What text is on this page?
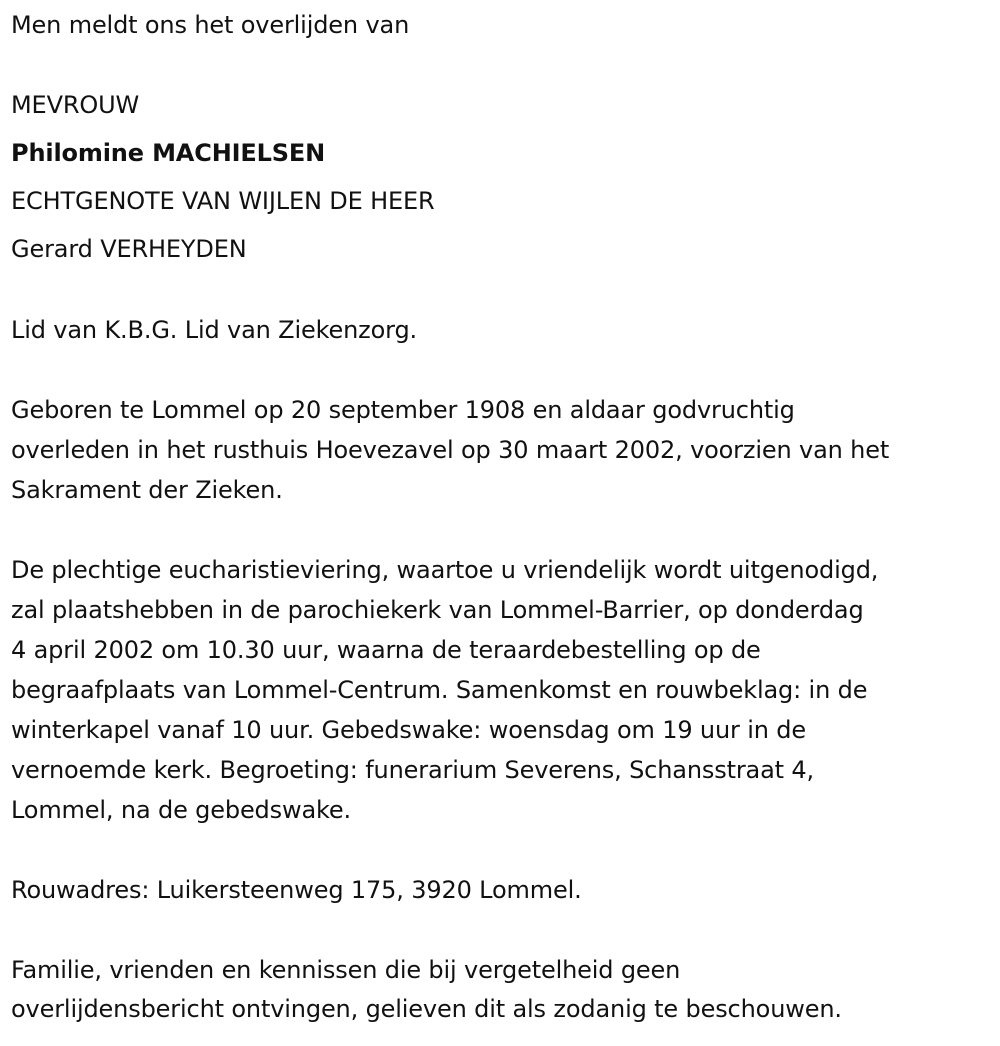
Men meldt ons het overlijden van
MEVROUW
Philomine MACHIELSEN
ECHTGENOTE VAN WIJLEN DE HEER
Gerard VERHEYDEN
Lid van K.B.G. Lid van Ziekenzorg.
Geboren te Lommel op 20 september 1908 en aldaar godvruchtig
overleden in het rusthuis Hoevezavel op 30 maart 2002, voorzien van het
Sakrament der Zieken.
De plechtige eucharistieviering, waartoe u vriendelijk wordt uitgenodigd,
zal plaatshebben in de parochiekerk van Lommel-Barrier, op donderdag
4 april 2002 om 10.30 uur, waarna de teraardebestelling op de
begraafplaats van Lommel-Centrum. Samenkomst en rouwbeklag: in de
winterkapel vanaf 10 uur. Gebedswake: woensdag om 19 uur in de
vernoemde kerk. Begroeting: funerarium Severens, Schansstraat 4,
Lommel, na de gebedswake.
Rouwadres: Luikersteenweg 175, 3920 Lommel.
Familie, vrienden en kennissen die bij vergetelheid geen
overlijdensbericht ontvingen, gelieven dit als zodanig te beschouwen.
